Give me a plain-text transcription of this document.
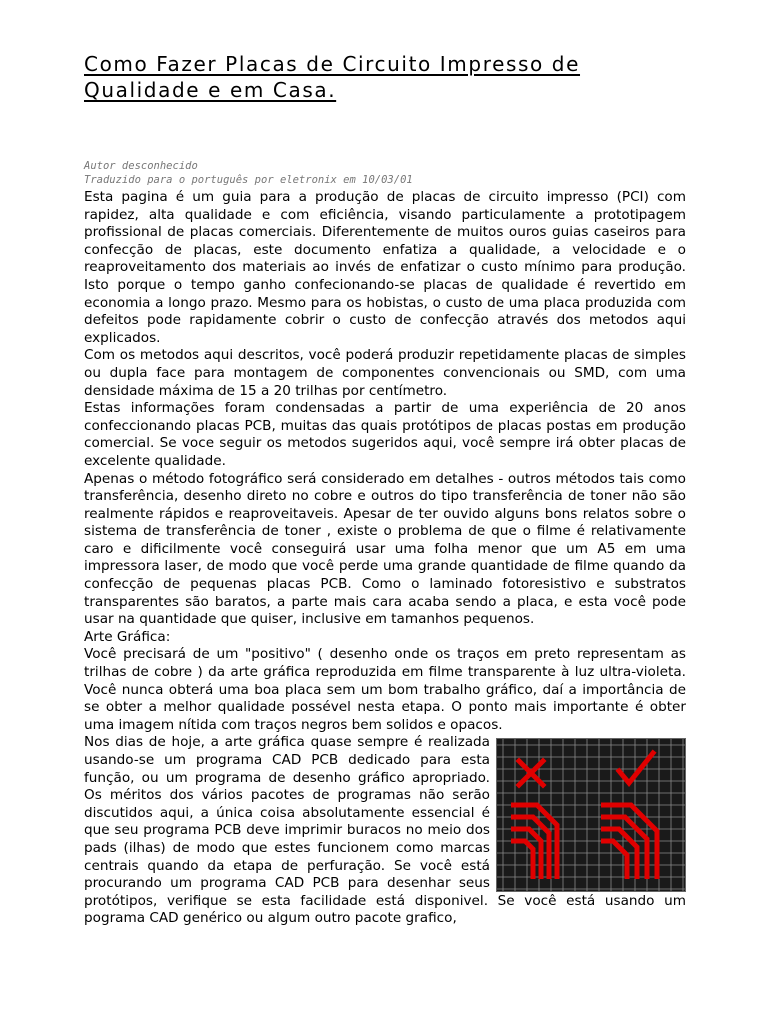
Como Fazer Placas de Circuito Impresso de
Qualidade e em Casa.
Autor desconhecido
Traduzido para o português por eletronix em 10/03/01

Esta pagina é um guia para a produção de placas de circuito impresso (PCI) com rapidez, alta qualidade e com eficiência, visando particulamente a prototipagem profissional de placas comerciais. Diferentemente de muitos ouros guias caseiros para confecção de placas, este documento enfatiza a qualidade, a velocidade e o reaproveitamento dos materiais ao invés de enfatizar o custo mínimo para produção. Isto porque o tempo ganho confecionando-se placas de qualidade é revertido em economia a longo prazo. Mesmo para os hobistas, o custo de uma placa produzida com defeitos pode rapidamente cobrir o custo de confecção através dos metodos aqui explicados.

Com os metodos aqui descritos, você poderá produzir repetidamente placas de simples ou dupla face para montagem de componentes convencionais ou SMD, com uma densidade máxima de 15 a 20 trilhas por centímetro.

Estas informações foram condensadas a partir de uma experiência de 20 anos confeccionando placas PCB, muitas das quais protótipos de placas postas em produção comercial. Se voce seguir os metodos sugeridos aqui, você sempre irá obter placas de excelente qualidade.

Apenas o método fotográfico será considerado em detalhes - outros métodos tais como transferência, desenho direto no cobre e outros do tipo transferência de toner não são realmente rápidos e reaproveitaveis. Apesar de ter ouvido alguns bons relatos sobre o sistema de transferência de toner , existe o problema de que o filme é relativamente caro e dificilmente você conseguirá usar uma folha menor que um A5 em uma impressora laser, de modo que você perde uma grande quantidade de filme quando da confecção de pequenas placas PCB. Como o laminado fotoresistivo e substratos transparentes são baratos, a parte mais cara acaba sendo a placa, e esta você pode usar na quantidade que quiser, inclusive em tamanhos pequenos.

Arte Gráfica:

Você precisará de um "positivo" ( desenho onde os traços em preto representam as trilhas de cobre ) da arte gráfica reproduzida em filme transparente à luz ultra-violeta. Você nunca obterá uma boa placa sem um bom trabalho gráfico, daí a importância de se obter a melhor qualidade possével nesta etapa. O ponto mais importante é obter uma imagem nítida com traços negros bem solidos e opacos.

Nos dias de hoje, a arte gráfica quase sempre é realizada usando-se um programa CAD PCB dedicado para esta função, ou um programa de desenho gráfico apropriado. Os méritos dos vários pacotes de programas não serão discutidos aqui, a única coisa absolutamente essencial é que seu programa PCB deve imprimir buracos no meio dos pads (ilhas) de modo que estes funcionem como marcas centrais quando da etapa de perfuração. Se você está procurando um programa CAD PCB para desenhar seus protótipos, verifique se esta facilidade está disponivel. Se você está usando um pograma CAD genérico ou algum outro pacote grafico,
